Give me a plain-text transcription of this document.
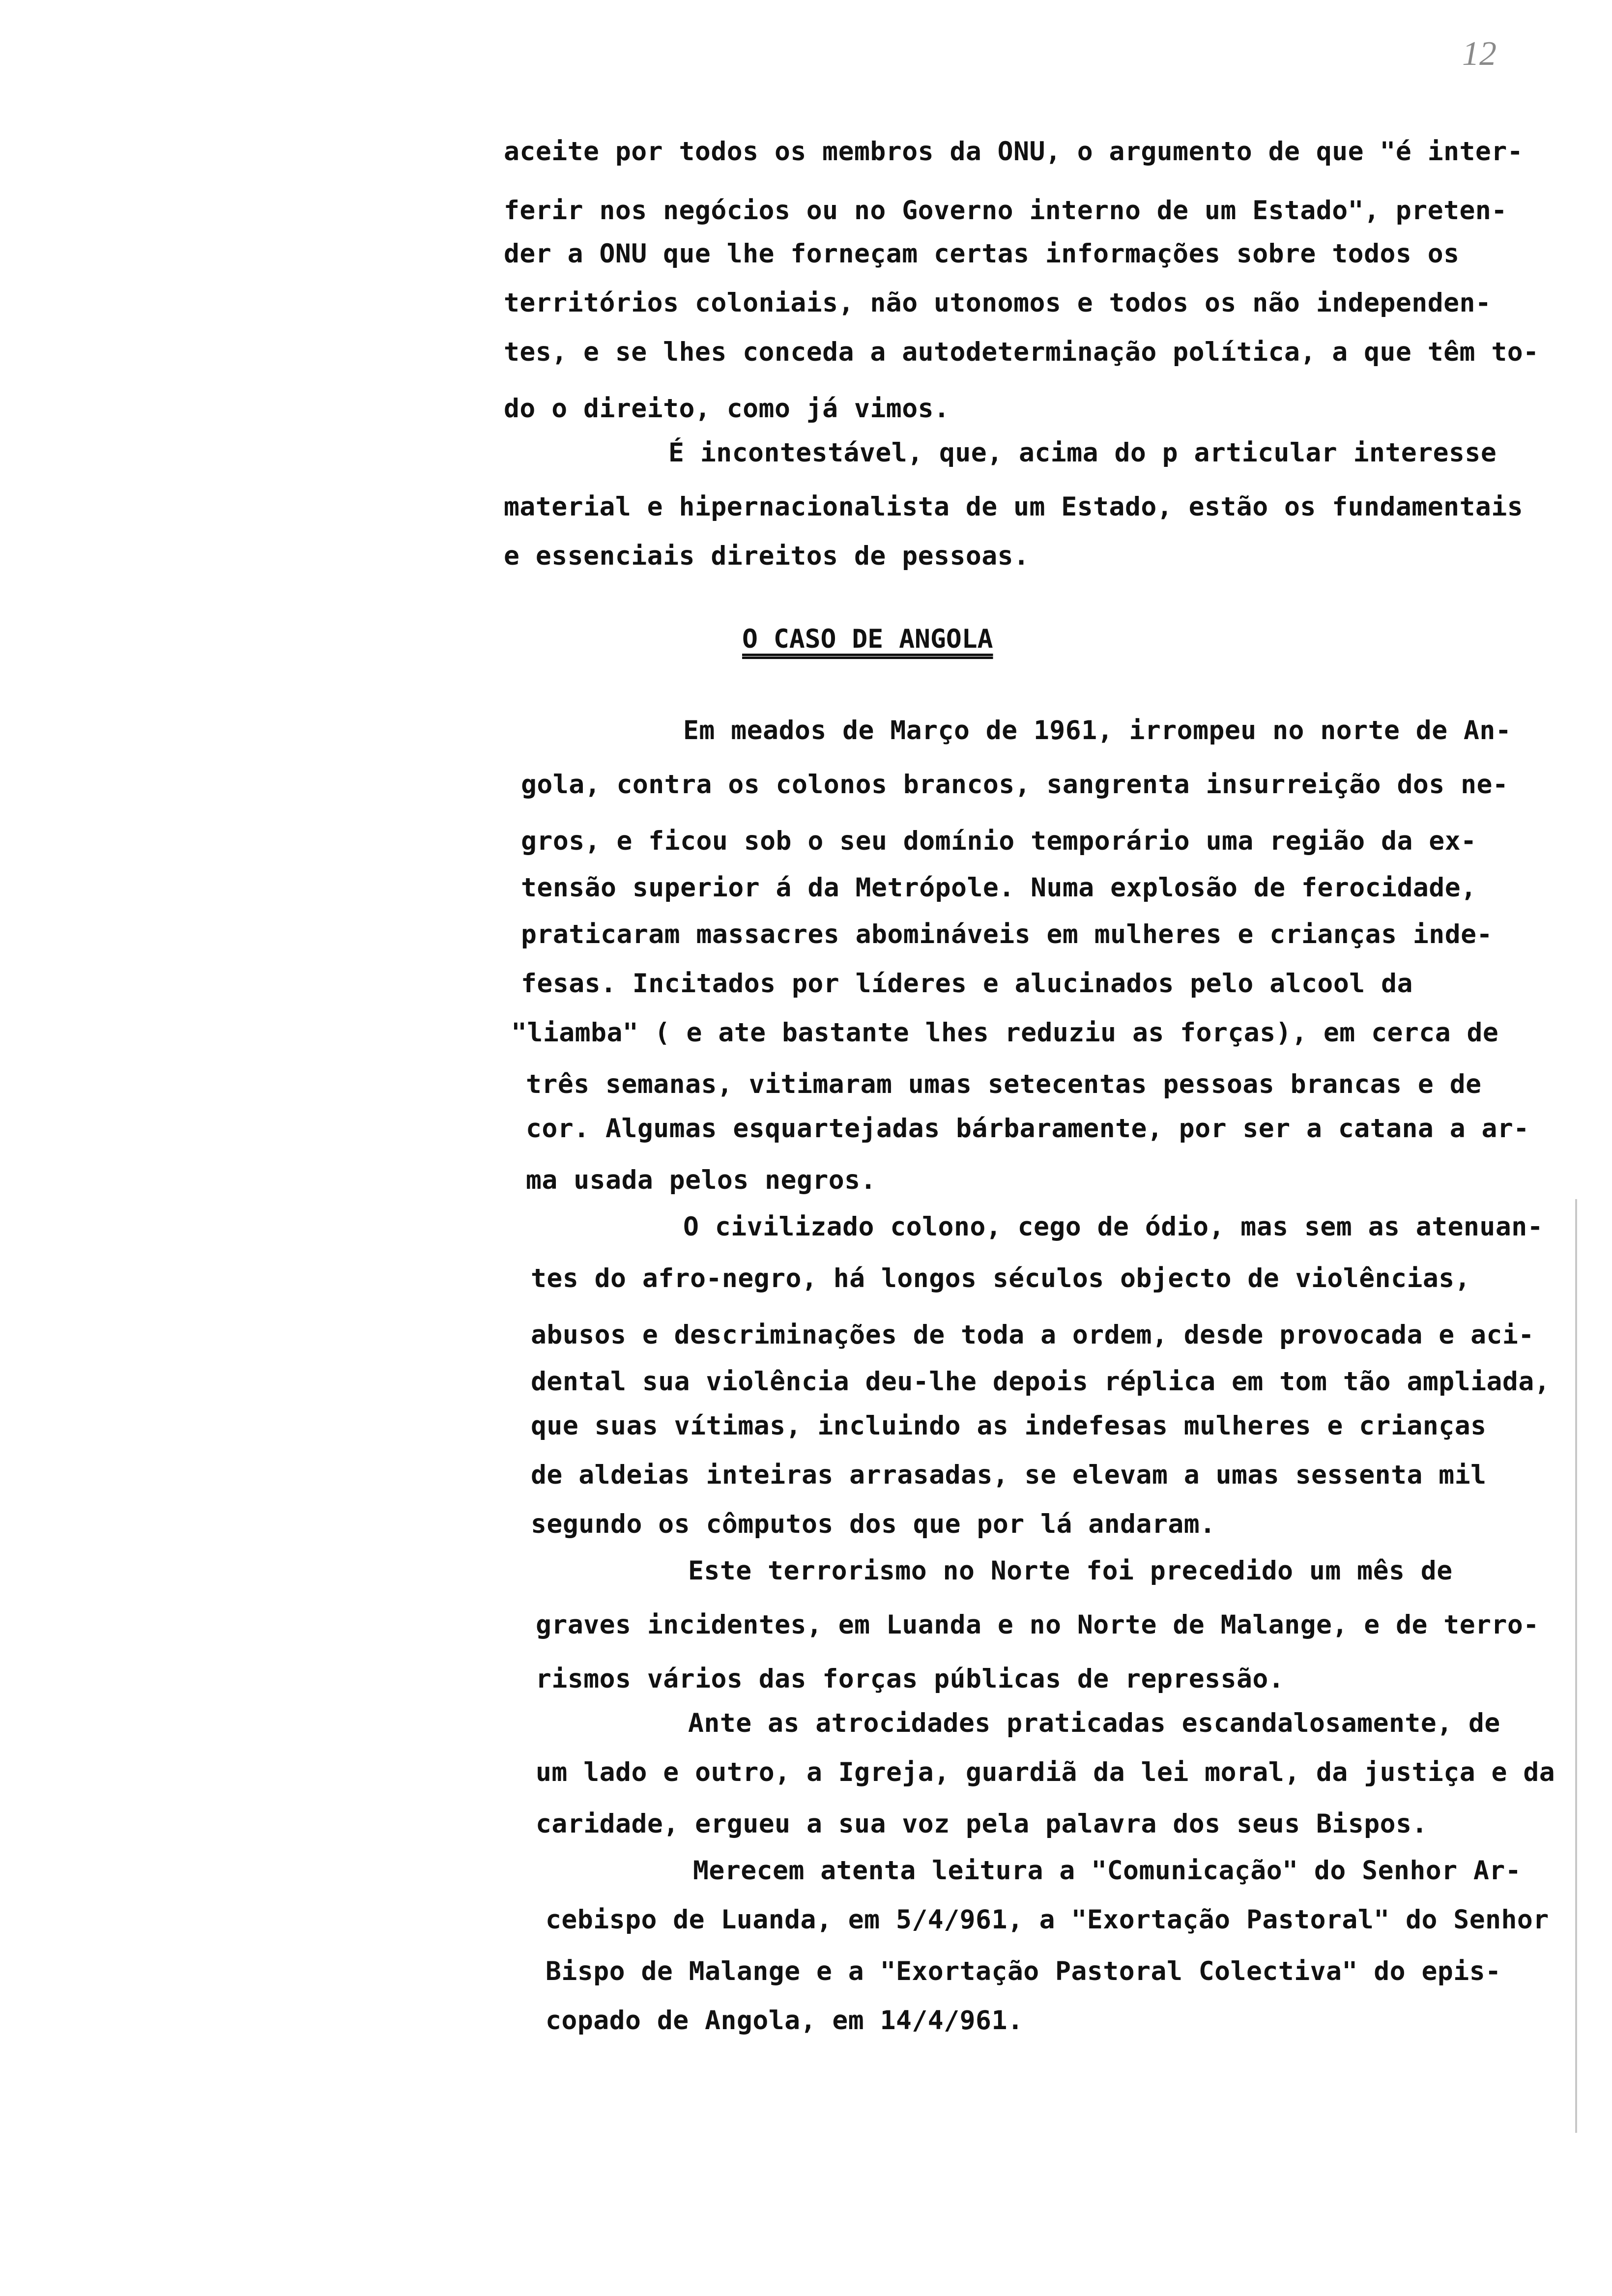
12
aceite por todos os membros da ONU, o argumento de que "é inter-
ferir nos negócios ou no Governo interno de um Estado", preten-
der a ONU que lhe forneçam certas informações sobre todos os
territórios coloniais, não utonomos e todos os não independen-
tes, e se lhes conceda a autodeterminação política, a que têm to-
do o direito, como já vimos.
É incontestável, que, acima do p articular interesse
material e hipernacionalista de um Estado, estão os fundamentais
e essenciais direitos de pessoas.
O CASO DE ANGOLA
Em meados de Março de 1961, irrompeu no norte de An-
gola, contra os colonos brancos, sangrenta insurreição dos ne-
gros, e ficou sob o seu domínio temporário uma região da ex-
tensão superior á da Metrópole. Numa explosão de ferocidade,
praticaram massacres abomináveis em mulheres e crianças inde-
fesas. Incitados por líderes e alucinados pelo alcool da
"liamba" ( e ate bastante lhes reduziu as forças), em cerca de
três semanas, vitimaram umas setecentas pessoas brancas e de
cor. Algumas esquartejadas bárbaramente, por ser a catana a ar-
ma usada pelos negros.
O civilizado colono, cego de ódio, mas sem as atenuan-
tes do afro-negro, há longos séculos objecto de violências,
abusos e descriminações de toda a ordem, desde provocada e aci-
dental sua violência deu-lhe depois réplica em tom tão ampliada,
que suas vítimas, incluindo as indefesas mulheres e crianças
de aldeias inteiras arrasadas, se elevam a umas sessenta mil
segundo os cômputos dos que por lá andaram.
Este terrorismo no Norte foi precedido um mês de
graves incidentes, em Luanda e no Norte de Malange, e de terro-
rismos vários das forças públicas de repressão.
Ante as atrocidades praticadas escandalosamente, de
um lado e outro, a Igreja, guardiã da lei moral, da justiça e da
caridade, ergueu a sua voz pela palavra dos seus Bispos.
Merecem atenta leitura a "Comunicação" do Senhor Ar-
cebispo de Luanda, em 5/4/961, a "Exortação Pastoral" do Senhor
Bispo de Malange e a "Exortação Pastoral Colectiva" do epis-
copado de Angola, em 14/4/961.
